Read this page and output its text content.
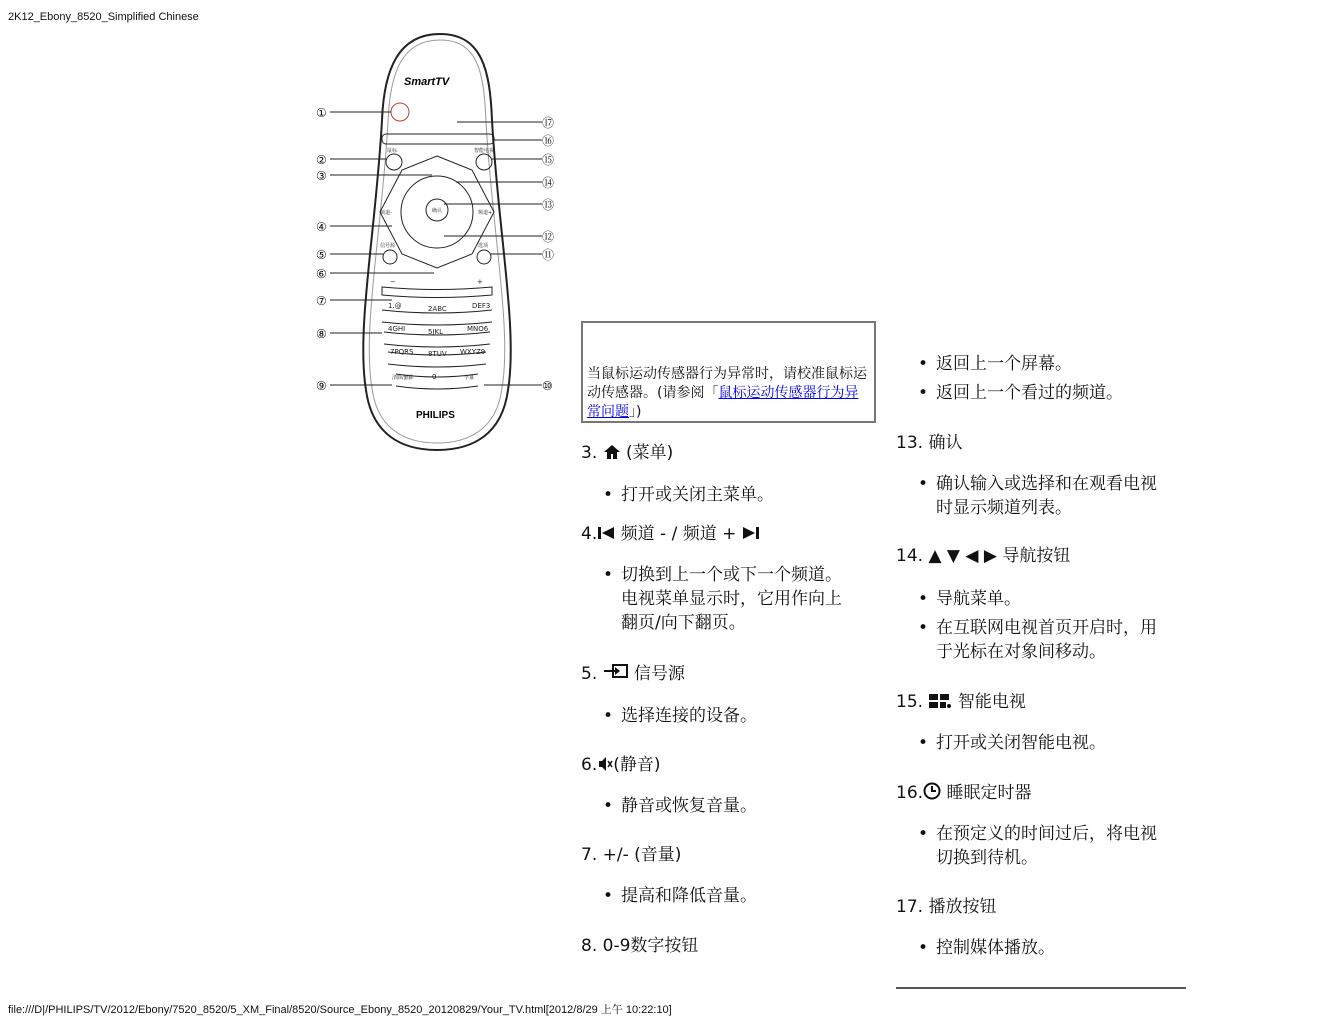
2K12_Ebony_8520_Simplified Chinese
SmartTV
PHILIPS
鼠标	智能电视
确认
频道-	频道+
信号源	选项
清除/删除	字幕
−	+
1.@	2ABC	DEF3
4GHI	5JKL	MNO6
7PQRS 8TUV WXYZ9
0
①
②
③
④
⑤
⑥
⑦
⑧
⑨	⑩
⑪
⑫
⑬
⑭
⑮
⑯
⑰
当鼠标运动传感器行为异常时，请校准鼠标运动传感器。(请参阅「鼠标运动传感器行为异常问题」)

3. (菜单)

• 打开或关闭主菜单。

4. 频道 - / 频道 +

• 切换到上一个或下一个频道。电视菜单显示时，它用作向上翻页/向下翻页。

5. 信号源

• 选择连接的设备。

6. (静音)

• 静音或恢复音量。

7. +/- (音量)

• 提高和降低音量。

8. 0-9数字按钮

• 返回上一个屏幕。
• 返回上一个看过的频道。

13. 确认

• 确认输入或选择和在观看电视时显示频道列表。

14. ▲ ▼ ◀ ▶ 导航按钮

• 导航菜单。
• 在互联网电视首页开启时，用于光标在对象间移动。

15. 智能电视

• 打开或关闭智能电视。

16. 睡眠定时器

• 在预定义的时间过后，将电视切换到待机。

17. 播放按钮

• 控制媒体播放。
file:///D|/PHILIPS/TV/2012/Ebony/7520_8520/5_XM_Final/8520/Source_Ebony_8520_20120829/Your_TV.html[2012/8/29 上午 10:22:10]
